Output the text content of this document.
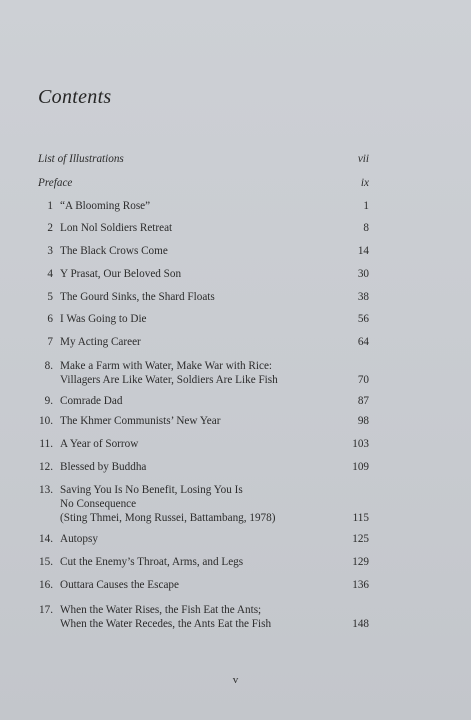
Contents
List of Illustrations	vii
Preface	ix
1 “A Blooming Rose”	1
2 Lon Nol Soldiers Retreat	8
3 The Black Crows Come	14
4 Y Prasat, Our Beloved Son	30
5 The Gourd Sinks, the Shard Floats	38
6 I Was Going to Die	56
7 My Acting Career	64
8. Make a Farm with Water, Make War with Rice:
Villagers Are Like Water, Soldiers Are Like Fish	70
9. Comrade Dad	87
10. The Khmer Communists’ New Year	98
11. A Year of Sorrow	103
12. Blessed by Buddha	109
13. Saving You Is No Benefit, Losing You Is
No Consequence
(Sting Thmei, Mong Russei, Battambang, 1978)	115
14. Autopsy	125
15. Cut the Enemy’s Throat, Arms, and Legs	129
16. Outtara Causes the Escape	136
17. When the Water Rises, the Fish Eat the Ants;
When the Water Recedes, the Ants Eat the Fish	148
v
